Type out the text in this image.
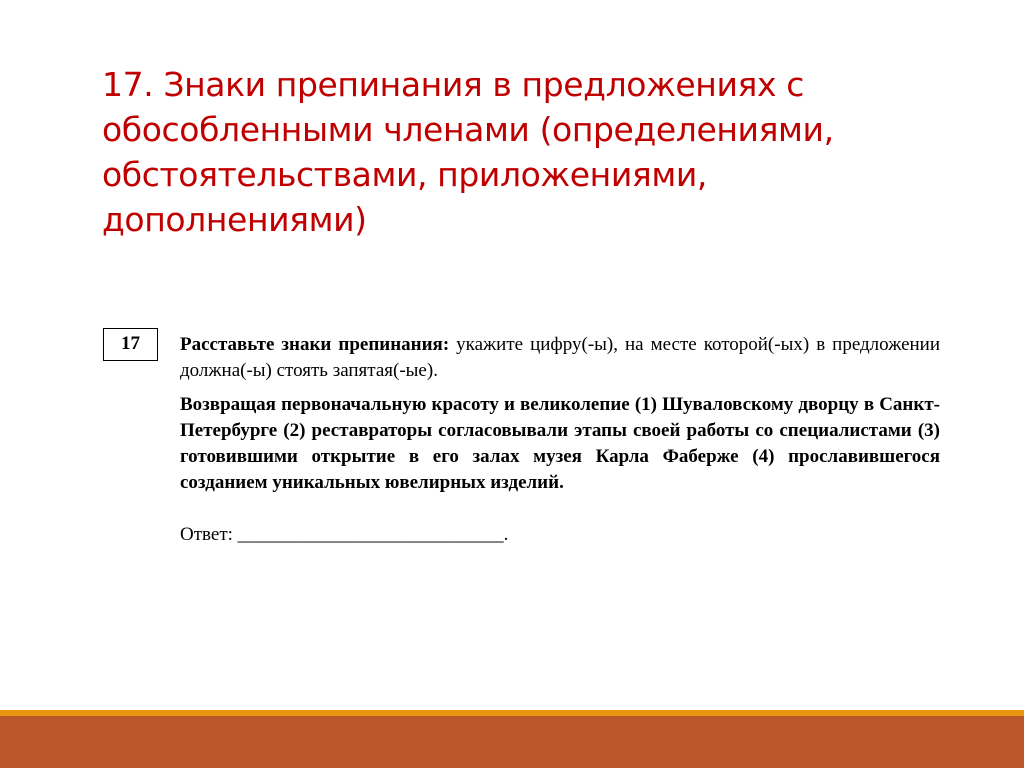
17. Знаки препинания в предложениях с обособленными членами (определениями, обстоятельствами, приложениями, дополнениями)
17	Расставьте знаки препинания: укажите цифру(-ы), на месте которой(-ых) в предложении должна(-ы) стоять запятая(-ые).

Возвращая первоначальную красоту и великолепие (1) Шуваловскому дворцу в Санкт-Петербурге (2) реставраторы согласовывали этапы своей работы со специалистами (3) готовившими открытие в его залах музея Карла Фаберже (4) прославившегося созданием уникальных ювелирных изделий.

Ответ: ____________________________.
